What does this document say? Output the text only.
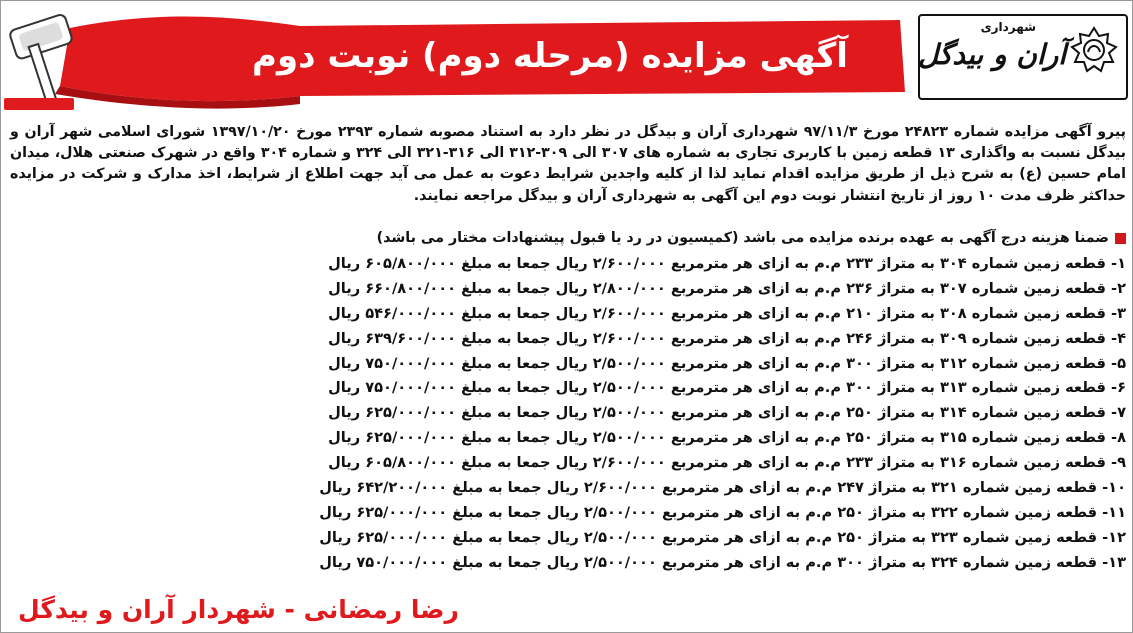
آگهی مزایده (مرحله دوم) نوبت دوم
شهرداری
آران و بیدگل
پیرو آگهی مزایده شماره ۲۴۸۲۳ مورخ ۹۷/۱۱/۳ شهرداری آران و بیدگل در نظر دارد به استناد مصوبه شماره ۲۳۹۳ مورخ ۱۳۹۷/۱۰/۲۰ شورای اسلامی شهر آران و بیدگل نسبت به واگذاری ۱۳ قطعه زمین با کاربری تجاری به شماره های ۳۰۷ الی ۳۰۹-۳۱۲ الی ۳۱۶-۳۲۱ الی ۳۲۴ و شماره ۳۰۴ واقع در شهرک صنعتی هلال، میدان امام حسین (ع) به شرح ذیل از طریق مزایده اقدام نماید لذا از کلیه واجدین شرایط دعوت به عمل می آید جهت اطلاع از شرایط، اخذ مدارک و شرکت در مزایده حداکثر ظرف مدت ۱۰ روز از تاریخ انتشار نوبت دوم این آگهی به شهرداری آران و بیدگل مراجعه نمایند.
ضمنا هزینه درج آگهی به عهده برنده مزایده می باشد (کمیسیون در رد یا قبول پیشنهادات مختار می باشد)
۱- قطعه زمین شماره ۳۰۴ به متراژ ۲۳۳ م.م به ازای هر مترمربع ۲/۶۰۰/۰۰۰ ریال جمعا به مبلغ ۶۰۵/۸۰۰/۰۰۰ ریال
۲- قطعه زمین شماره ۳۰۷ به متراژ ۲۳۶ م.م به ازای هر مترمربع ۲/۸۰۰/۰۰۰ ریال جمعا به مبلغ ۶۶۰/۸۰۰/۰۰۰ ریال
۳- قطعه زمین شماره ۳۰۸ به متراژ ۲۱۰ م.م به ازای هر مترمربع ۲/۶۰۰/۰۰۰ ریال جمعا به مبلغ ۵۴۶/۰۰۰/۰۰۰ ریال
۴- قطعه زمین شماره ۳۰۹ به متراژ ۲۴۶ م.م به ازای هر مترمربع ۲/۶۰۰/۰۰۰ ریال جمعا به مبلغ ۶۳۹/۶۰۰/۰۰۰ ریال
۵- قطعه زمین شماره ۳۱۲ به متراژ ۳۰۰ م.م به ازای هر مترمربع ۲/۵۰۰/۰۰۰ ریال جمعا به مبلغ ۷۵۰/۰۰۰/۰۰۰ ریال
۶- قطعه زمین شماره ۳۱۳ به متراژ ۳۰۰ م.م به ازای هر مترمربع ۲/۵۰۰/۰۰۰ ریال جمعا به مبلغ ۷۵۰/۰۰۰/۰۰۰ ریال
۷- قطعه زمین شماره ۳۱۴ به متراژ ۲۵۰ م.م به ازای هر مترمربع ۲/۵۰۰/۰۰۰ ریال جمعا به مبلغ ۶۲۵/۰۰۰/۰۰۰ ریال
۸- قطعه زمین شماره ۳۱۵ به متراژ ۲۵۰ م.م به ازای هر مترمربع ۲/۵۰۰/۰۰۰ ریال جمعا به مبلغ ۶۲۵/۰۰۰/۰۰۰ ریال
۹- قطعه زمین شماره ۳۱۶ به متراژ ۲۳۳ م.م به ازای هر مترمربع ۲/۶۰۰/۰۰۰ ریال جمعا به مبلغ ۶۰۵/۸۰۰/۰۰۰ ریال
۱۰- قطعه زمین شماره ۳۲۱ به متراژ ۲۴۷ م.م به ازای هر مترمربع ۲/۶۰۰/۰۰۰ ریال جمعا به مبلغ ۶۴۲/۲۰۰/۰۰۰ ریال
۱۱- قطعه زمین شماره ۳۲۲ به متراژ ۲۵۰ م.م به ازای هر مترمربع ۲/۵۰۰/۰۰۰ ریال جمعا به مبلغ ۶۲۵/۰۰۰/۰۰۰ ریال
۱۲- قطعه زمین شماره ۳۲۳ به متراژ ۲۵۰ م.م به ازای هر مترمربع ۲/۵۰۰/۰۰۰ ریال جمعا به مبلغ ۶۲۵/۰۰۰/۰۰۰ ریال
۱۳- قطعه زمین شماره ۳۲۴ به متراژ ۳۰۰ م.م به ازای هر مترمربع ۲/۵۰۰/۰۰۰ ریال جمعا به مبلغ ۷۵۰/۰۰۰/۰۰۰ ریال
رضا رمضانی - شهردار آران و بیدگل
